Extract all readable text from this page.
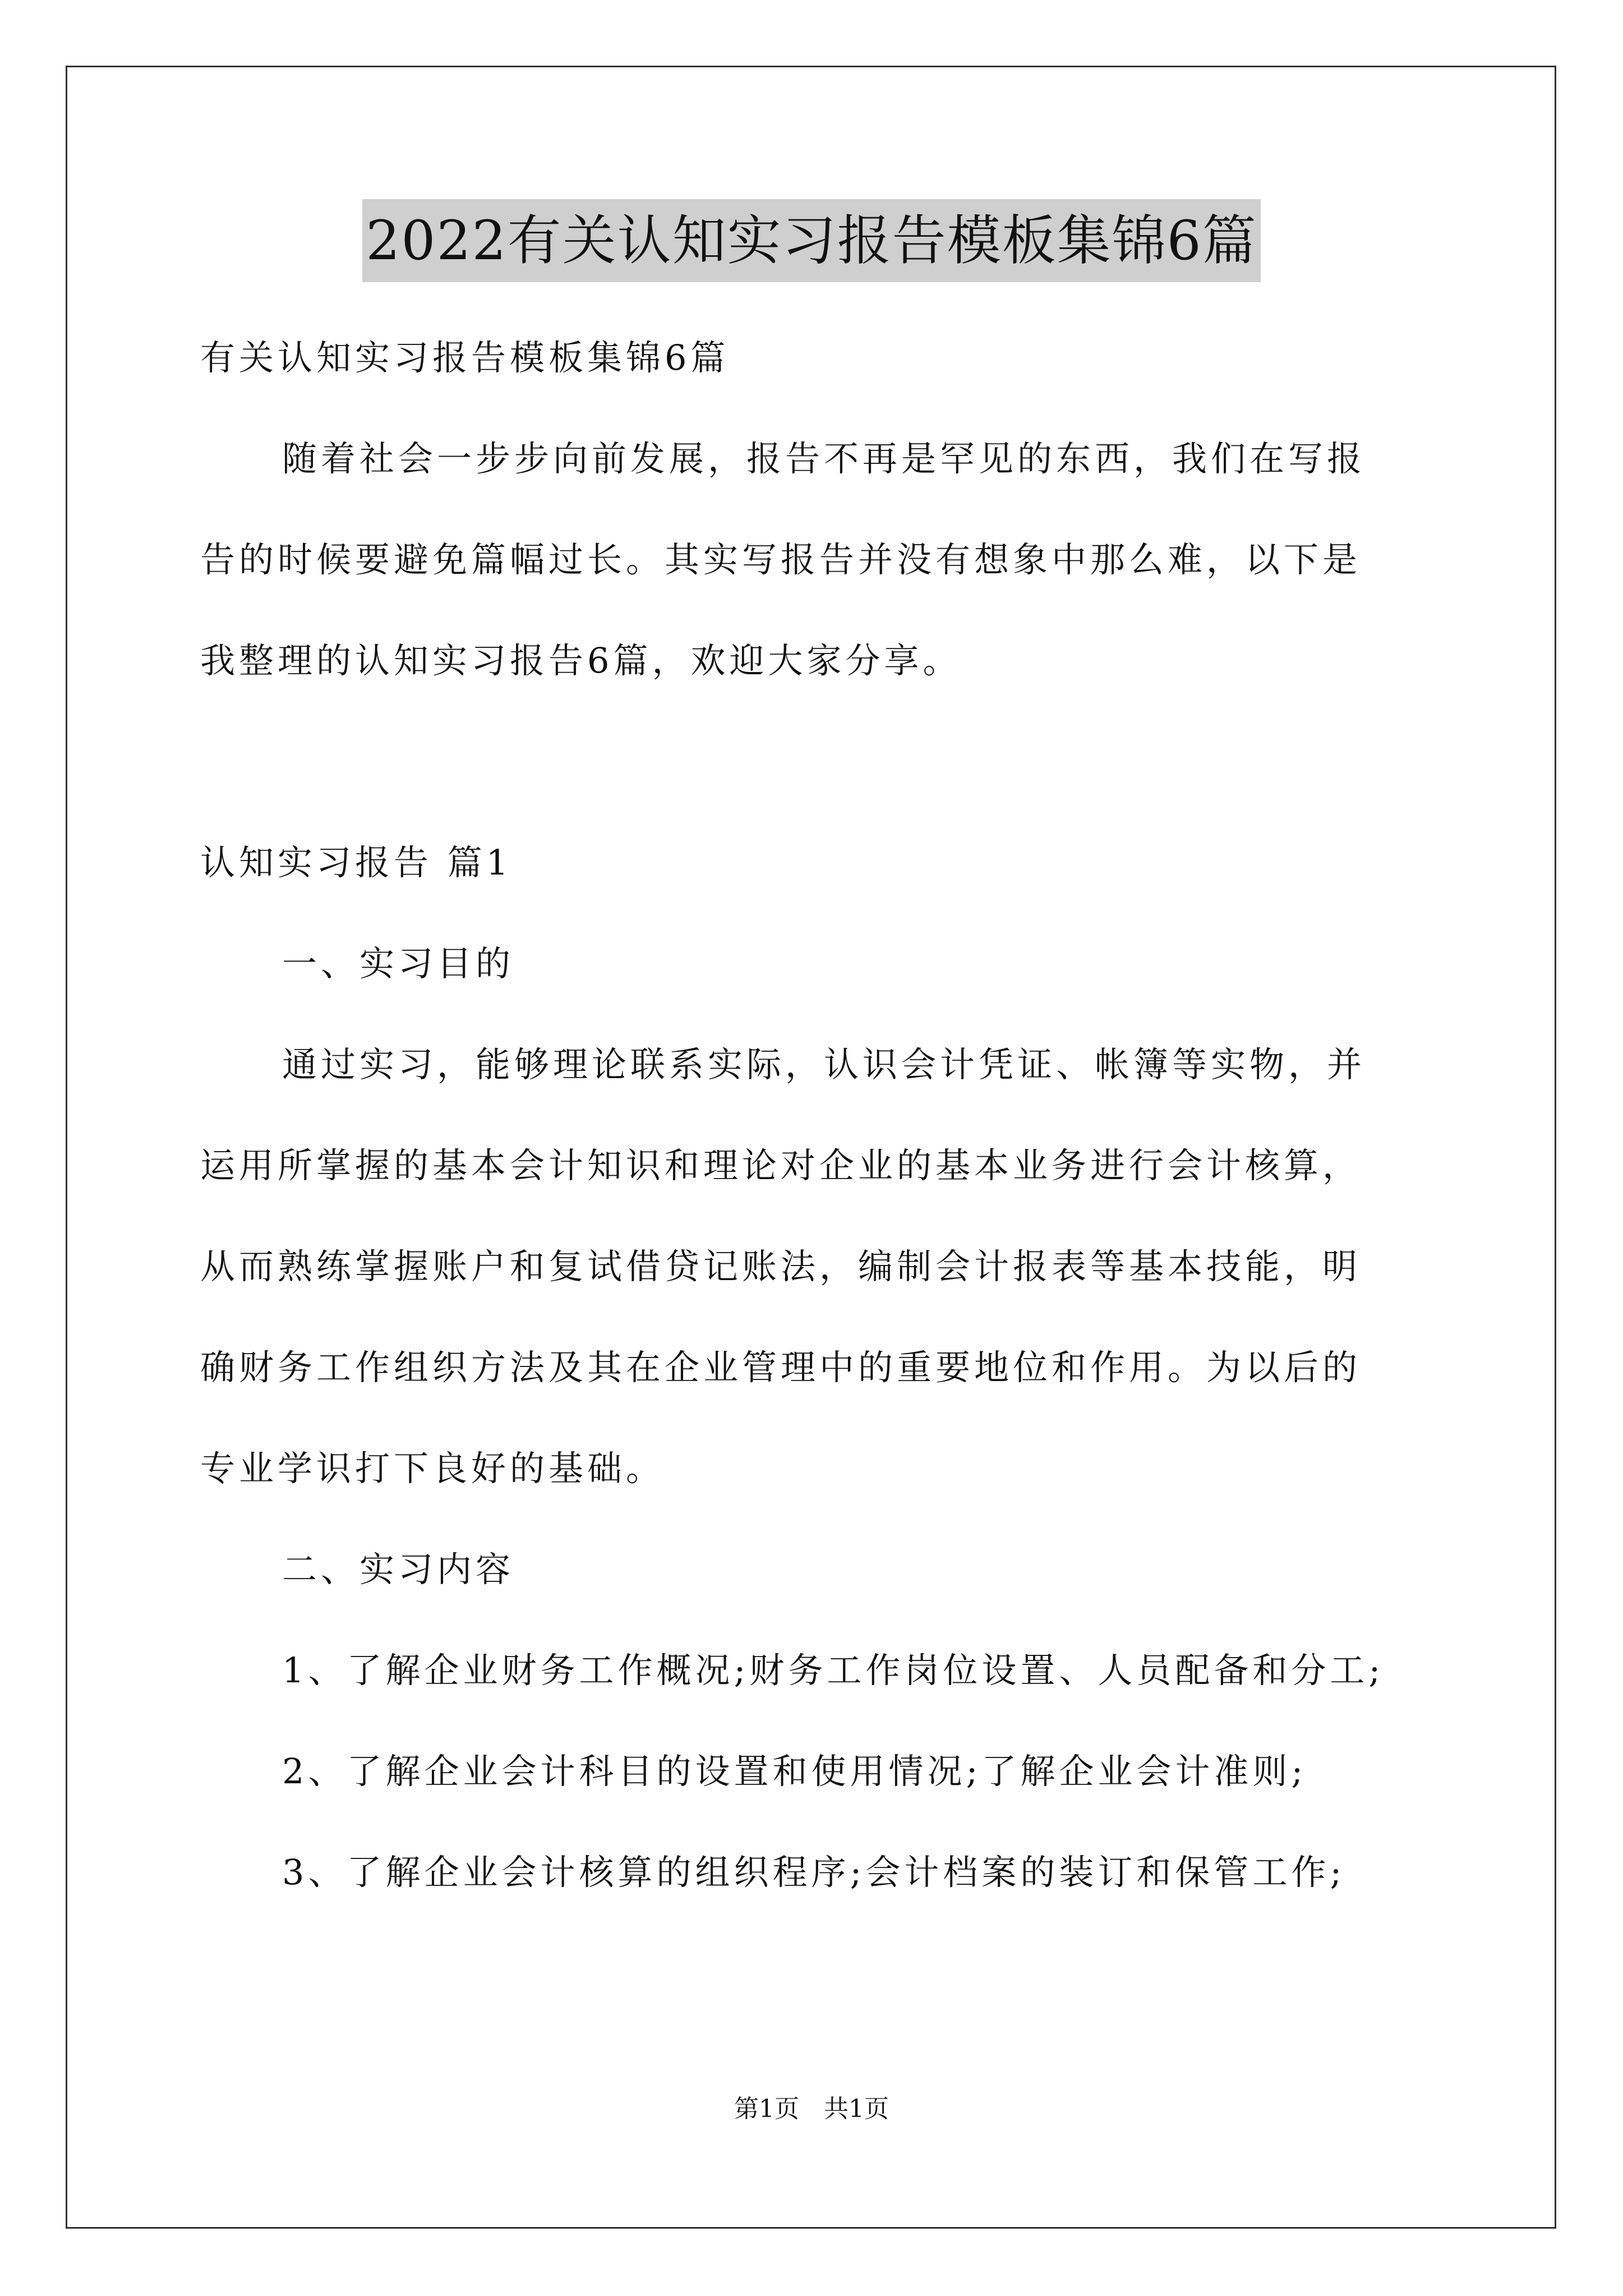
2022有关认知实习报告模板集锦6篇
有关认知实习报告模板集锦6篇
随着社会一步步向前发展，报告不再是罕见的东西，我们在写报
告的时候要避免篇幅过长。其实写报告并没有想象中那么难，以下是
我整理的认知实习报告6篇，欢迎大家分享。
认知实习报告 篇1
一、实习目的
通过实习，能够理论联系实际，认识会计凭证、帐簿等实物，并
运用所掌握的基本会计知识和理论对企业的基本业务进行会计核算，
从而熟练掌握账户和复试借贷记账法，编制会计报表等基本技能，明
确财务工作组织方法及其在企业管理中的重要地位和作用。为以后的
专业学识打下良好的基础。
二、实习内容
1、了解企业财务工作概况;财务工作岗位设置、人员配备和分工;
2、了解企业会计科目的设置和使用情况;了解企业会计准则;
3、了解企业会计核算的组织程序;会计档案的装订和保管工作;
第1页　共1页
